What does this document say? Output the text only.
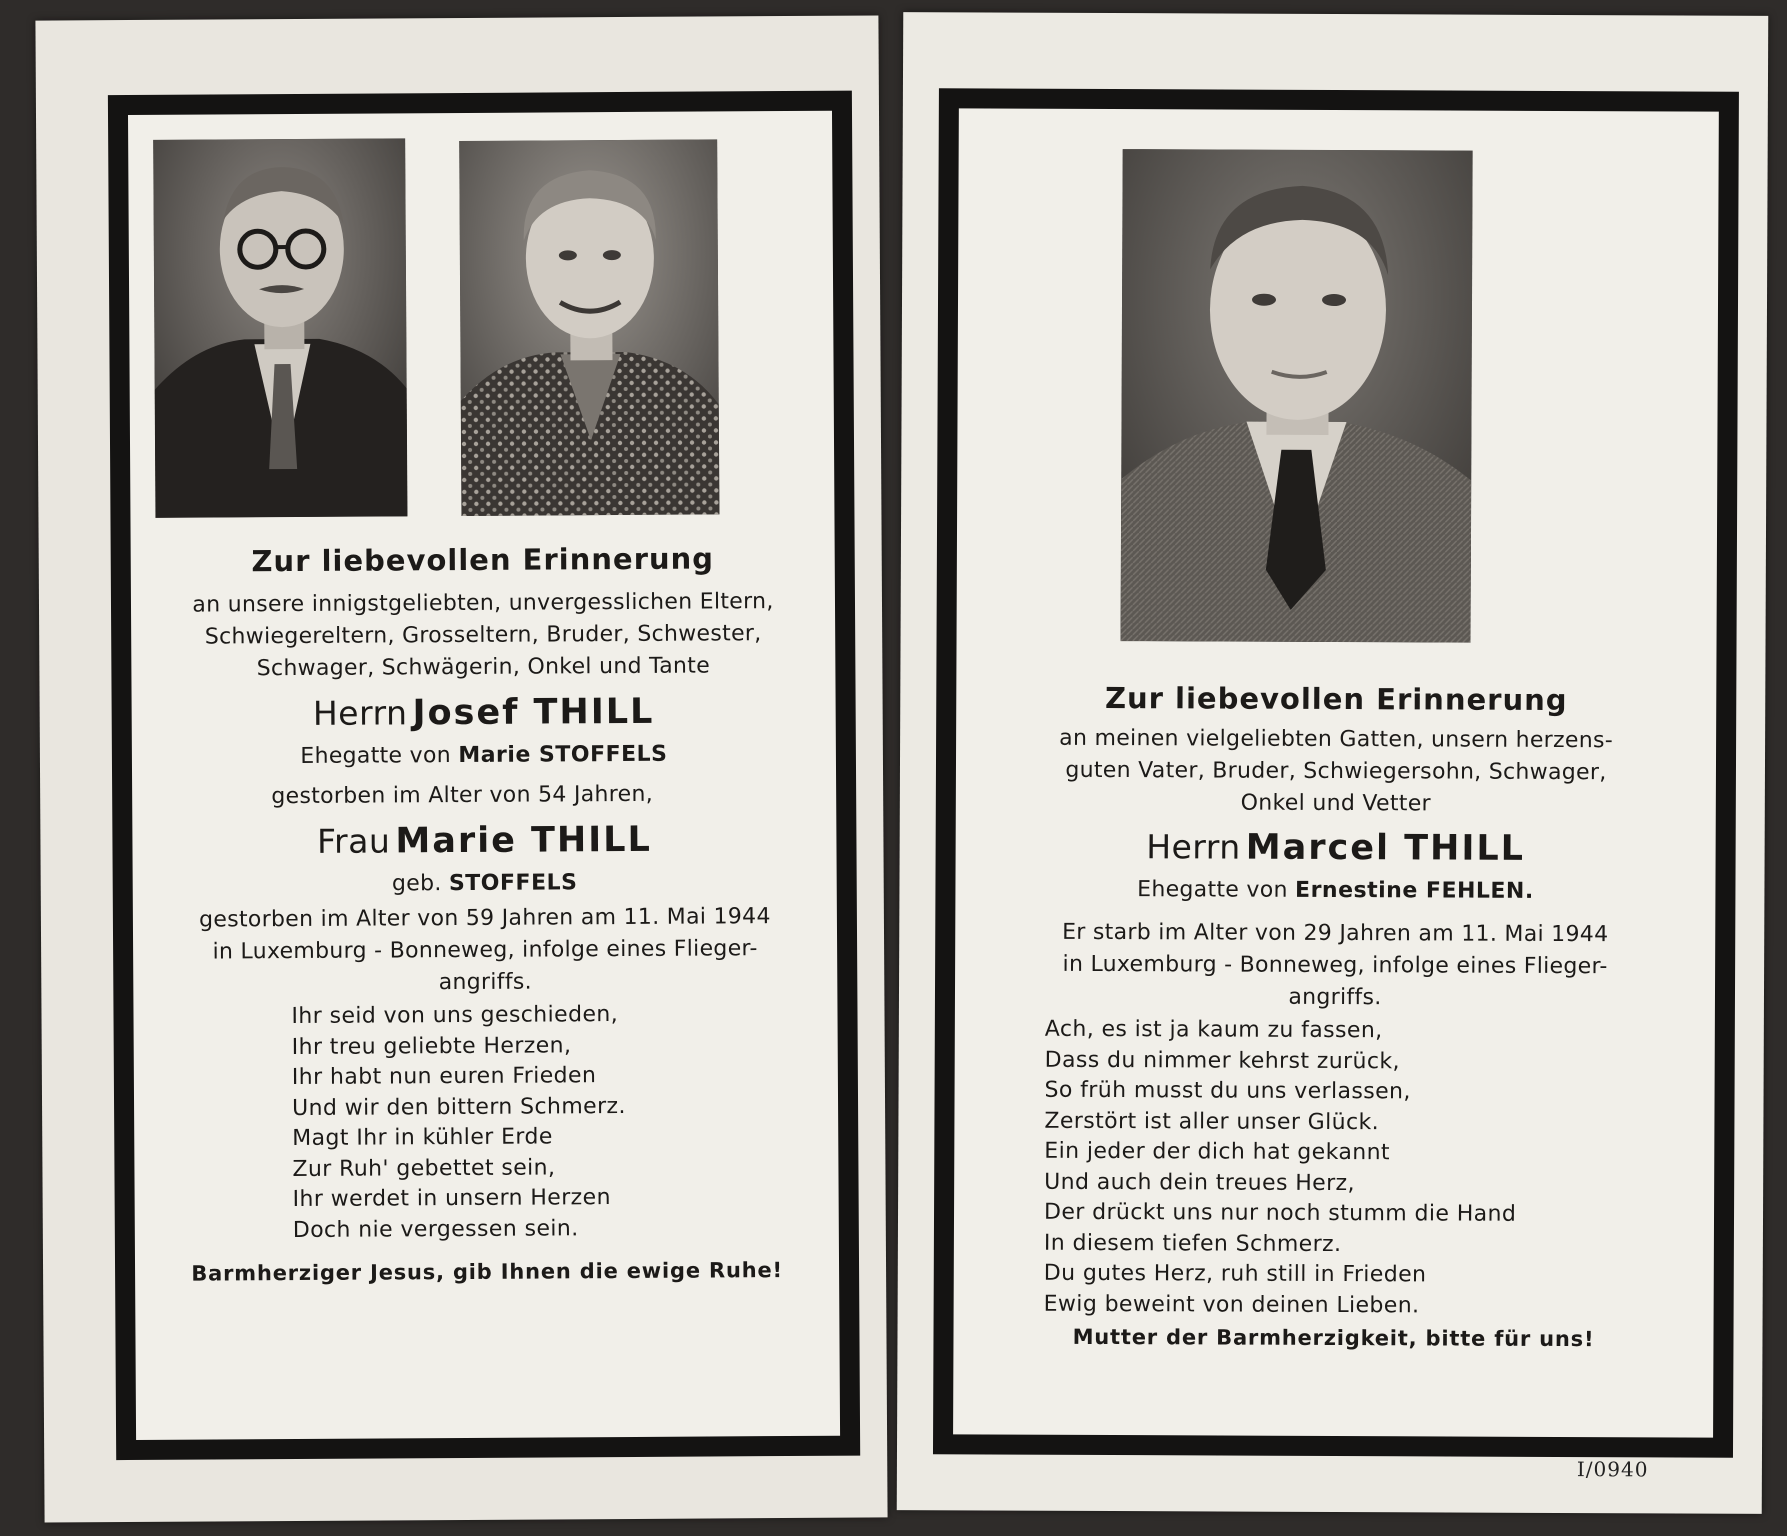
Zur liebevollen Erinnerung
an unsere innigstgeliebten, unvergesslichen Eltern,
Schwiegereltern, Grosseltern, Bruder, Schwester,
Schwager, Schwägerin, Onkel und Tante
Herrn Josef THILL
Ehegatte von Marie STOFFELS
gestorben im Alter von 54 Jahren,
Frau Marie THILL
geb. STOFFELS
gestorben im Alter von 59 Jahren am 11. Mai 1944
in Luxemburg - Bonneweg, infolge eines Flieger-
angriffs.
Ihr seid von uns geschieden,
Ihr treu geliebte Herzen,
Ihr habt nun euren Frieden
Und wir den bittern Schmerz.
Magt Ihr in kühler Erde
Zur Ruh' gebettet sein,
Ihr werdet in unsern Herzen
Doch nie vergessen sein.
Barmherziger Jesus, gib Ihnen die ewige Ruhe!
Zur liebevollen Erinnerung
an meinen vielgeliebten Gatten, unsern herzens-
guten Vater, Bruder, Schwiegersohn, Schwager,
Onkel und Vetter
Herrn Marcel THILL
Ehegatte von Ernestine FEHLEN.
Er starb im Alter von 29 Jahren am 11. Mai 1944
in Luxemburg - Bonneweg, infolge eines Flieger-
angriffs.
Ach, es ist ja kaum zu fassen,
Dass du nimmer kehrst zurück,
So früh musst du uns verlassen,
Zerstört ist aller unser Glück.
Ein jeder der dich hat gekannt
Und auch dein treues Herz,
Der drückt uns nur noch stumm die Hand
In diesem tiefen Schmerz.
Du gutes Herz, ruh still in Frieden
Ewig beweint von deinen Lieben.
Mutter der Barmherzigkeit, bitte für uns!
I/0940
